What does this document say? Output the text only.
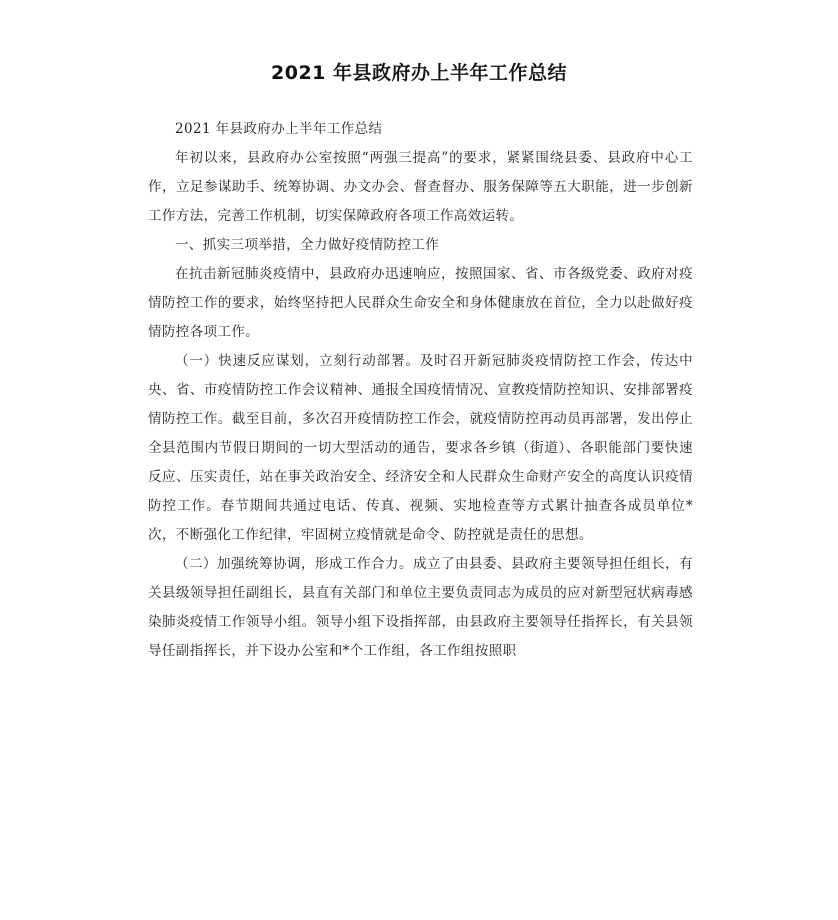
2021 年县政府办上半年工作总结

2021 年县政府办上半年工作总结

年初以来，县政府办公室按照“两强三提高”的要求，紧紧围绕县委、县政府中心工作，立足参谋助手、统筹协调、办文办会、督查督办、服务保障等五大职能，进一步创新工作方法，完善工作机制，切实保障政府各项工作高效运转。

一、抓实三项举措，全力做好疫情防控工作

在抗击新冠肺炎疫情中，县政府办迅速响应，按照国家、省、市各级党委、政府对疫情防控工作的要求，始终坚持把人民群众生命安全和身体健康放在首位，全力以赴做好疫情防控各项工作。

（一）快速反应谋划，立刻行动部署。及时召开新冠肺炎疫情防控工作会，传达中央、省、市疫情防控工作会议精神、通报全国疫情情况、宣教疫情防控知识、安排部署疫情防控工作。截至目前，多次召开疫情防控工作会，就疫情防控再动员再部署，发出停止全县范围内节假日期间的一切大型活动的通告，要求各乡镇（街道）、各职能部门要快速反应、压实责任，站在事关政治安全、经济安全和人民群众生命财产安全的高度认识疫情防控工作。春节期间共通过电话、传真、视频、实地检查等方式累计抽查各成员单位*次，不断强化工作纪律，牢固树立疫情就是命令、防控就是责任的思想。

（二）加强统筹协调，形成工作合力。成立了由县委、县政府主要领导担任组长，有关县级领导担任副组长，县直有关部门和单位主要负责同志为成员的应对新型冠状病毒感染肺炎疫情工作领导小组。领导小组下设指挥部，由县政府主要领导任指挥长，有关县领导任副指挥长，并下设办公室和*个工作组，各工作组按照职
